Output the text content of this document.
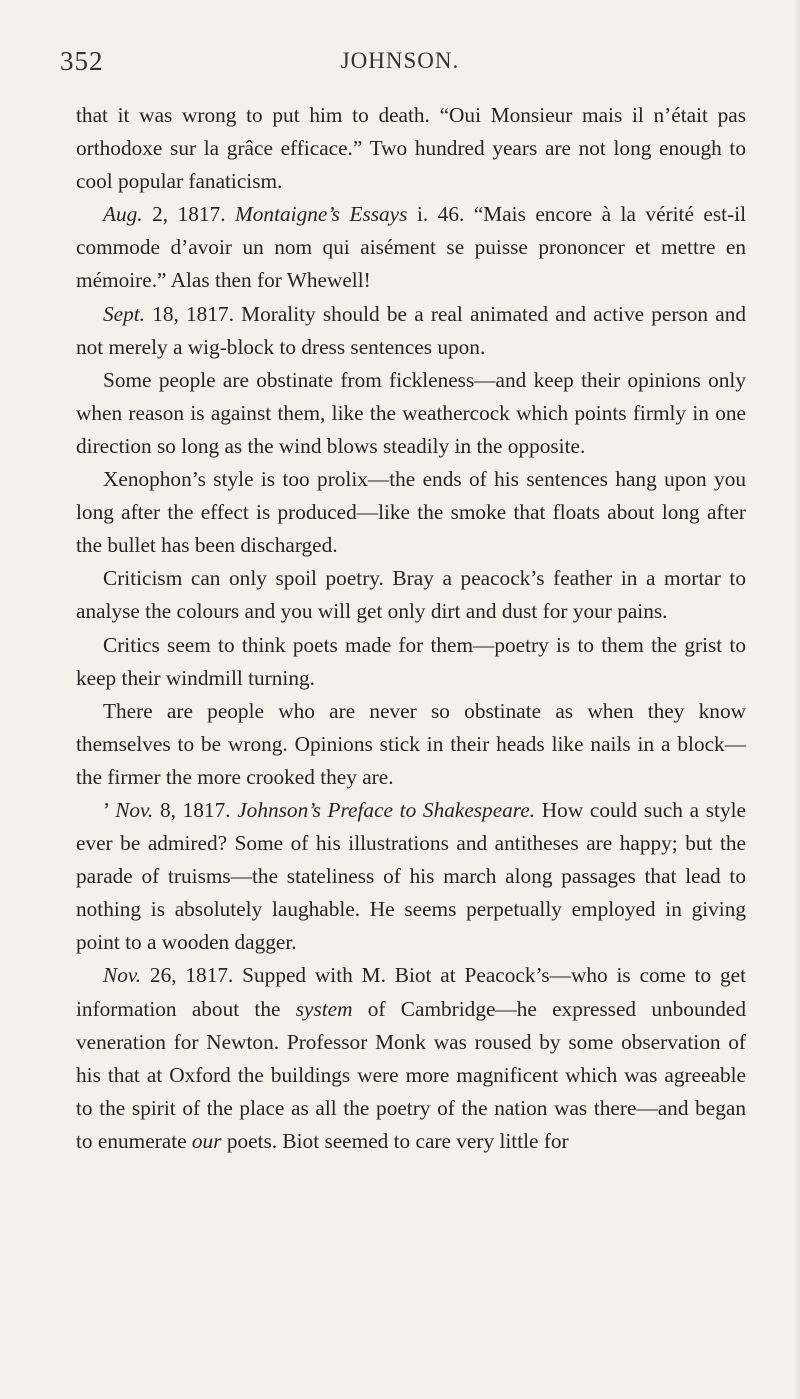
352	JOHNSON.

that it was wrong to put him to death. “Oui Monsieur mais il n’était pas orthodoxe sur la grâce efficace.” Two hundred years are not long enough to cool popular fanaticism.

Aug. 2, 1817. Montaigne’s Essays i. 46. “Mais encore à la vérité est-il commode d’avoir un nom qui aisément se puisse prononcer et mettre en mémoire.” Alas then for Whewell!

Sept. 18, 1817. Morality should be a real animated and active person and not merely a wig-block to dress sentences upon.

Some people are obstinate from fickleness—and keep their opinions only when reason is against them, like the weathercock which points firmly in one direction so long as the wind blows steadily in the opposite.

Xenophon’s style is too prolix—the ends of his sentences hang upon you long after the effect is produced—like the smoke that floats about long after the bullet has been discharged.

Criticism can only spoil poetry. Bray a peacock’s feather in a mortar to analyse the colours and you will get only dirt and dust for your pains.

Critics seem to think poets made for them—poetry is to them the grist to keep their windmill turning.

There are people who are never so obstinate as when they know themselves to be wrong. Opinions stick in their heads like nails in a block—the firmer the more crooked they are.

’ Nov. 8, 1817. Johnson’s Preface to Shakespeare. How could such a style ever be admired? Some of his illustrations and antitheses are happy; but the parade of truisms—the stateliness of his march along passages that lead to nothing is absolutely laughable. He seems perpetually employed in giving point to a wooden dagger.

Nov. 26, 1817. Supped with M. Biot at Peacock’s—who is come to get information about the system of Cambridge—he expressed unbounded veneration for Newton. Professor Monk was roused by some observation of his that at Oxford the buildings were more magnificent which was agreeable to the spirit of the place as all the poetry of the nation was there—and began to enumerate our poets. Biot seemed to care very little for
